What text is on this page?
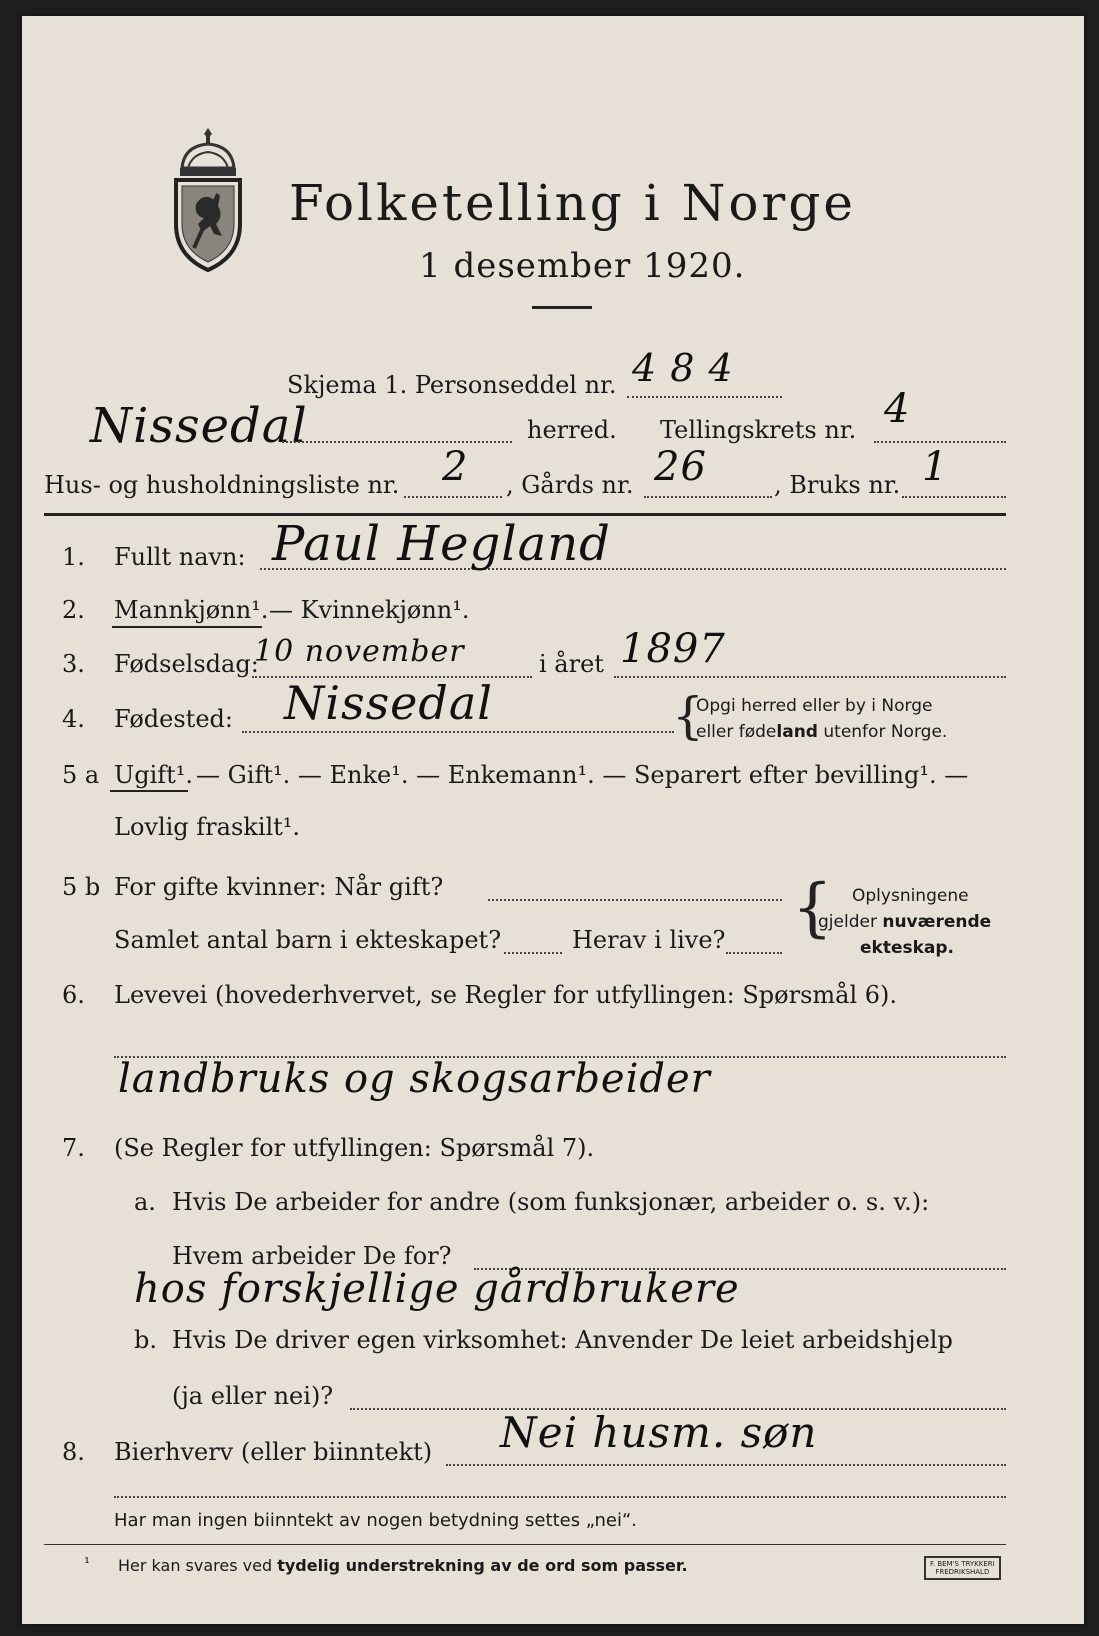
Folketelling i Norge
1 desember 1920.
Skjema 1. Personseddel nr. 4 8 4
Nissedal	herred. Tellingskrets nr. 4
Hus- og husholdningsliste nr. 2 , Gårds nr. 26	, Bruks nr. 1
1. Fullt navn: Paul Hegland
2. Mannkjønn¹. — Kvinnekjønn¹.
3. Fødselsdag:
10 november	i året 1897
4. Fødested: Nissedal	{
Opgi herred eller by i Norge
eller fødeland utenfor Norge.
5 a Ugift¹. — Gift¹. — Enke¹. — Enkemann¹. — Separert efter bevilling¹. —
Lovlig fraskilt¹.
5 b For gifte kvinner: Når gift?
Samlet antal barn i ekteskapet?	Herav i live? { Oplysningene
gjelder nuværende
ekteskap.
6. Levevei (hovederhvervet, se Regler for utfyllingen: Spørsmål 6).
landbruks og skogsarbeider
7. (Se Regler for utfyllingen: Spørsmål 7).
a. Hvis De arbeider for andre (som funksjonær, arbeider o. s. v.):
Hvem arbeider De for?
hos forskjellige gårdbrukere
b. Hvis De driver egen virksomhet: Anvender De leiet arbeidshjelp
(ja eller nei)?
8. Bierhverv (eller biinntekt) Nei husm. søn
Har man ingen biinntekt av nogen betydning settes „nei“.
¹ Her kan svares ved tydelig understrekning av de ord som passer.	F. BEM'S TRYKKERI
FREDRIKSHALD
